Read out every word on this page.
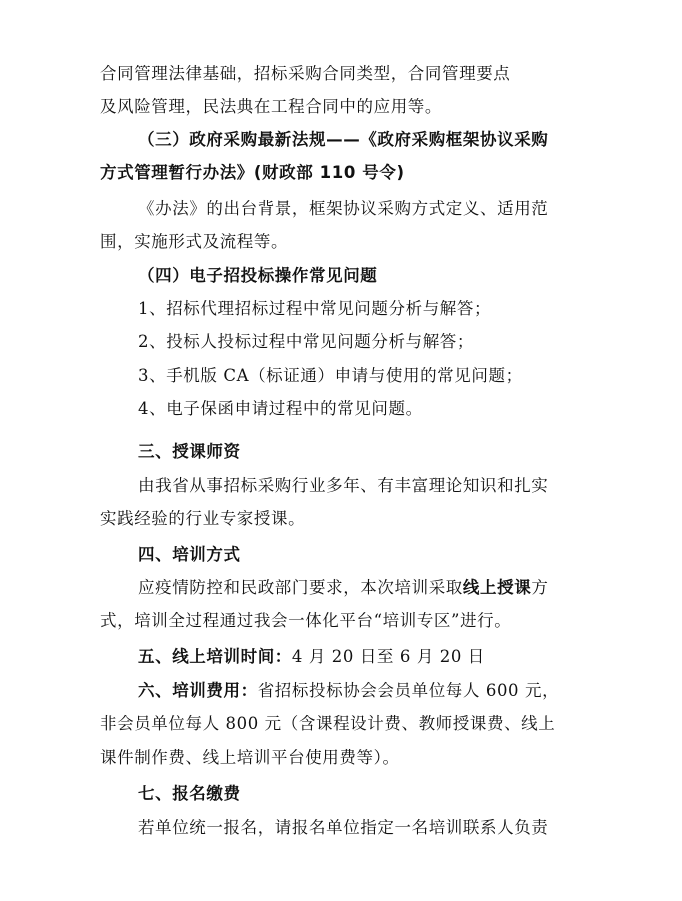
合同管理法律基础，招标采购合同类型，合同管理要点
及风险管理，民法典在工程合同中的应用等。
（三）政府采购最新法规——《政府采购框架协议采购
方式管理暂行办法》(财政部 110 号令)
《办法》的出台背景，框架协议采购方式定义、适用范
围，实施形式及流程等。
（四）电子招投标操作常见问题
1、招标代理招标过程中常见问题分析与解答；
2、投标人投标过程中常见问题分析与解答；
3、手机版 CA（标证通）申请与使用的常见问题；
4、电子保函申请过程中的常见问题。
三、授课师资
由我省从事招标采购行业多年、有丰富理论知识和扎实
实践经验的行业专家授课。
四、培训方式
应疫情防控和民政部门要求，本次培训采取线上授课方
式，培训全过程通过我会一体化平台“培训专区”进行。
五、线上培训时间：4 月 20 日至 6 月 20 日
六、培训费用：省招标投标协会会员单位每人 600 元，
非会员单位每人 800 元（含课程设计费、教师授课费、线上
课件制作费、线上培训平台使用费等）。
七、报名缴费
若单位统一报名，请报名单位指定一名培训联系人负责
